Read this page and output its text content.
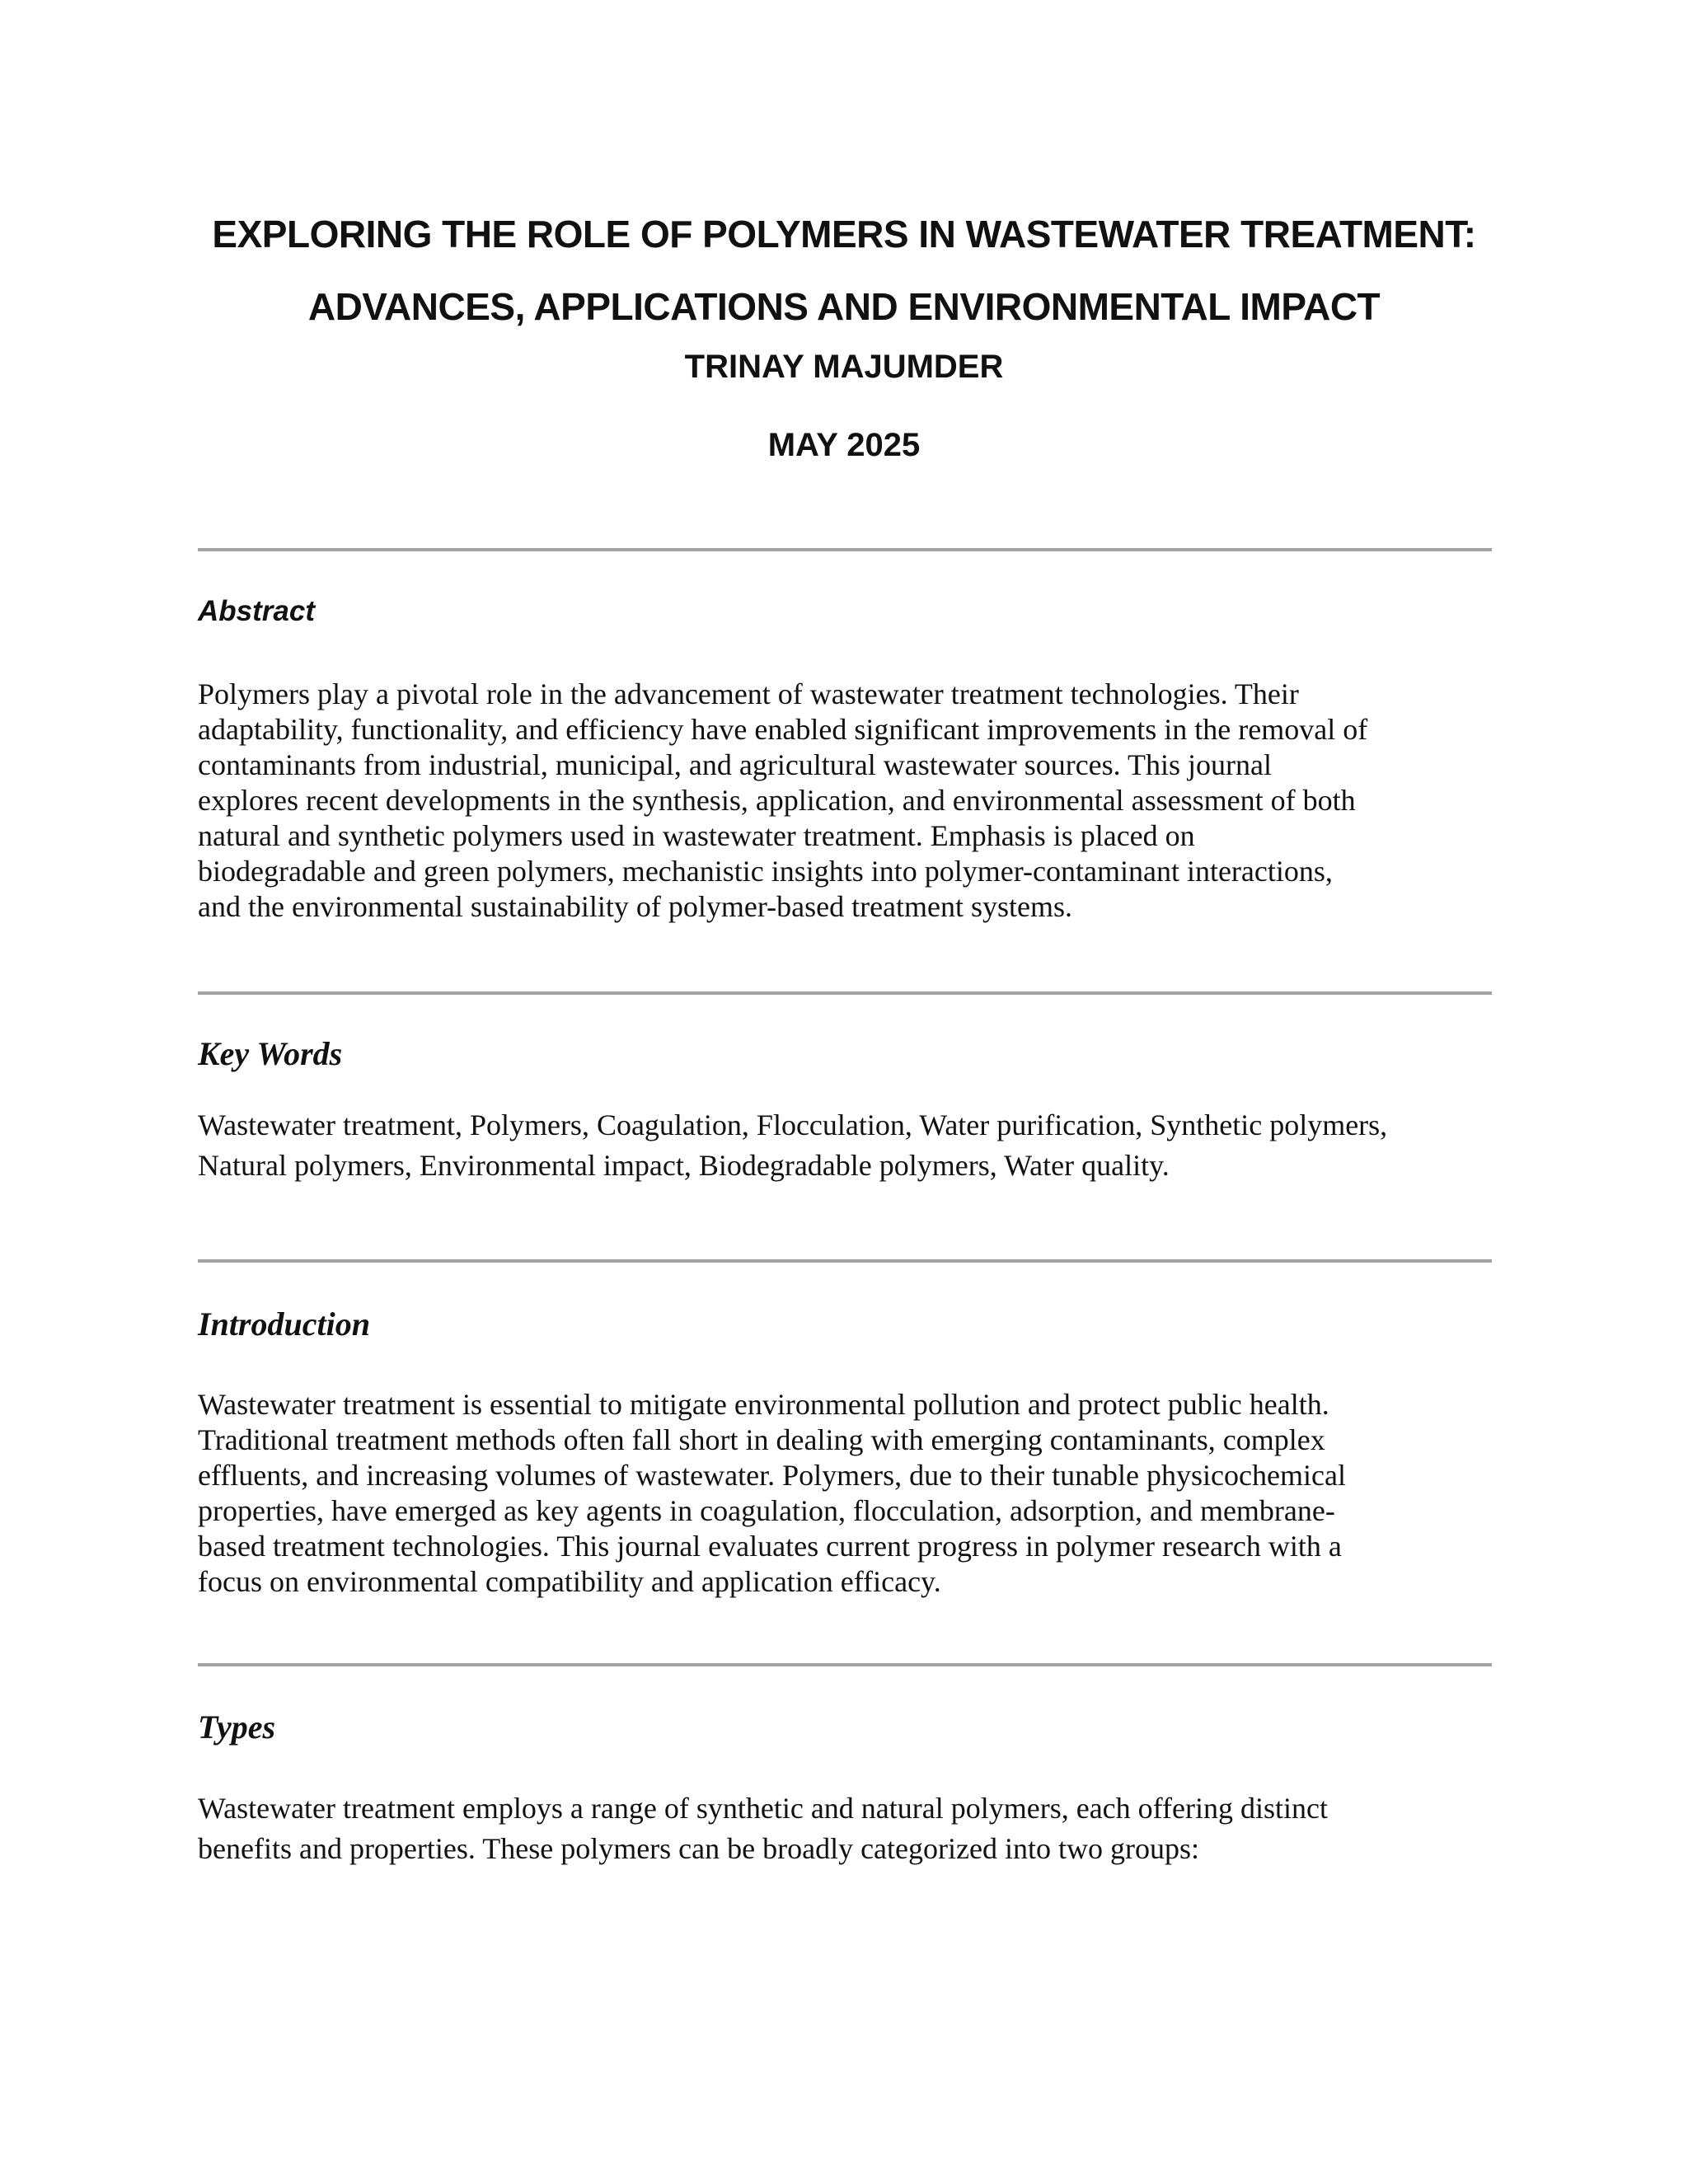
EXPLORING THE ROLE OF POLYMERS IN WASTEWATER TREATMENT:
ADVANCES, APPLICATIONS AND ENVIRONMENTAL IMPACT

TRINAY MAJUMDER

MAY 2025

Abstract

Polymers play a pivotal role in the advancement of wastewater treatment technologies. Their
adaptability, functionality, and efficiency have enabled significant improvements in the removal of
contaminants from industrial, municipal, and agricultural wastewater sources. This journal
explores recent developments in the synthesis, application, and environmental assessment of both
natural and synthetic polymers used in wastewater treatment. Emphasis is placed on
biodegradable and green polymers, mechanistic insights into polymer-contaminant interactions,
and the environmental sustainability of polymer-based treatment systems.

Key Words

Wastewater treatment, Polymers, Coagulation, Flocculation, Water purification, Synthetic polymers,
Natural polymers, Environmental impact, Biodegradable polymers, Water quality.

Introduction

Wastewater treatment is essential to mitigate environmental pollution and protect public health.
Traditional treatment methods often fall short in dealing with emerging contaminants, complex
effluents, and increasing volumes of wastewater. Polymers, due to their tunable physicochemical
properties, have emerged as key agents in coagulation, flocculation, adsorption, and membrane-
based treatment technologies. This journal evaluates current progress in polymer research with a
focus on environmental compatibility and application efficacy.

Types

Wastewater treatment employs a range of synthetic and natural polymers, each offering distinct
benefits and properties. These polymers can be broadly categorized into two groups:
